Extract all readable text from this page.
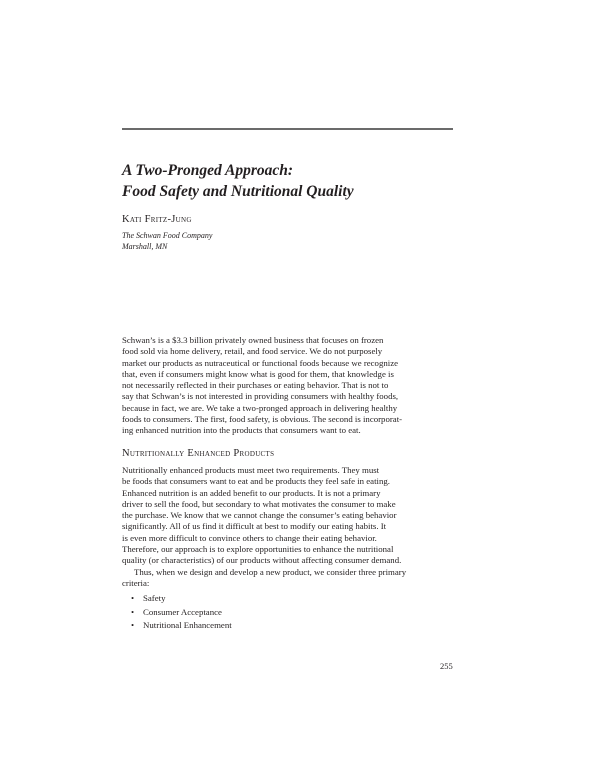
A Two-Pronged Approach:
Food Safety and Nutritional Quality
Kati Fritz-Jung
The Schwan Food Company
Marshall, MN
Schwan’s is a $3.3 billion privately owned business that focuses on frozen
food sold via home delivery, retail, and food service. We do not purposely
market our products as nutraceutical or functional foods because we recognize
that, even if consumers might know what is good for them, that knowledge is
not necessarily reflected in their purchases or eating behavior. That is not to
say that Schwan’s is not interested in providing consumers with healthy foods,
because in fact, we are. We take a two-pronged approach in delivering healthy
foods to consumers. The first, food safety, is obvious. The second is incorporat-
ing enhanced nutrition into the products that consumers want to eat.
Nutritionally Enhanced Products
Nutritionally enhanced products must meet two requirements. They must
be foods that consumers want to eat and be products they feel safe in eating.
Enhanced nutrition is an added benefit to our products. It is not a primary
driver to sell the food, but secondary to what motivates the consumer to make
the purchase. We know that we cannot change the consumer’s eating behavior
significantly. All of us find it difficult at best to modify our eating habits. It
is even more difficult to convince others to change their eating behavior.
Therefore, our approach is to explore opportunities to enhance the nutritional
quality (or characteristics) of our products without affecting consumer demand.
Thus, when we design and develop a new product, we consider three primary
criteria:
• Safety
• Consumer Acceptance
• Nutritional Enhancement
255
